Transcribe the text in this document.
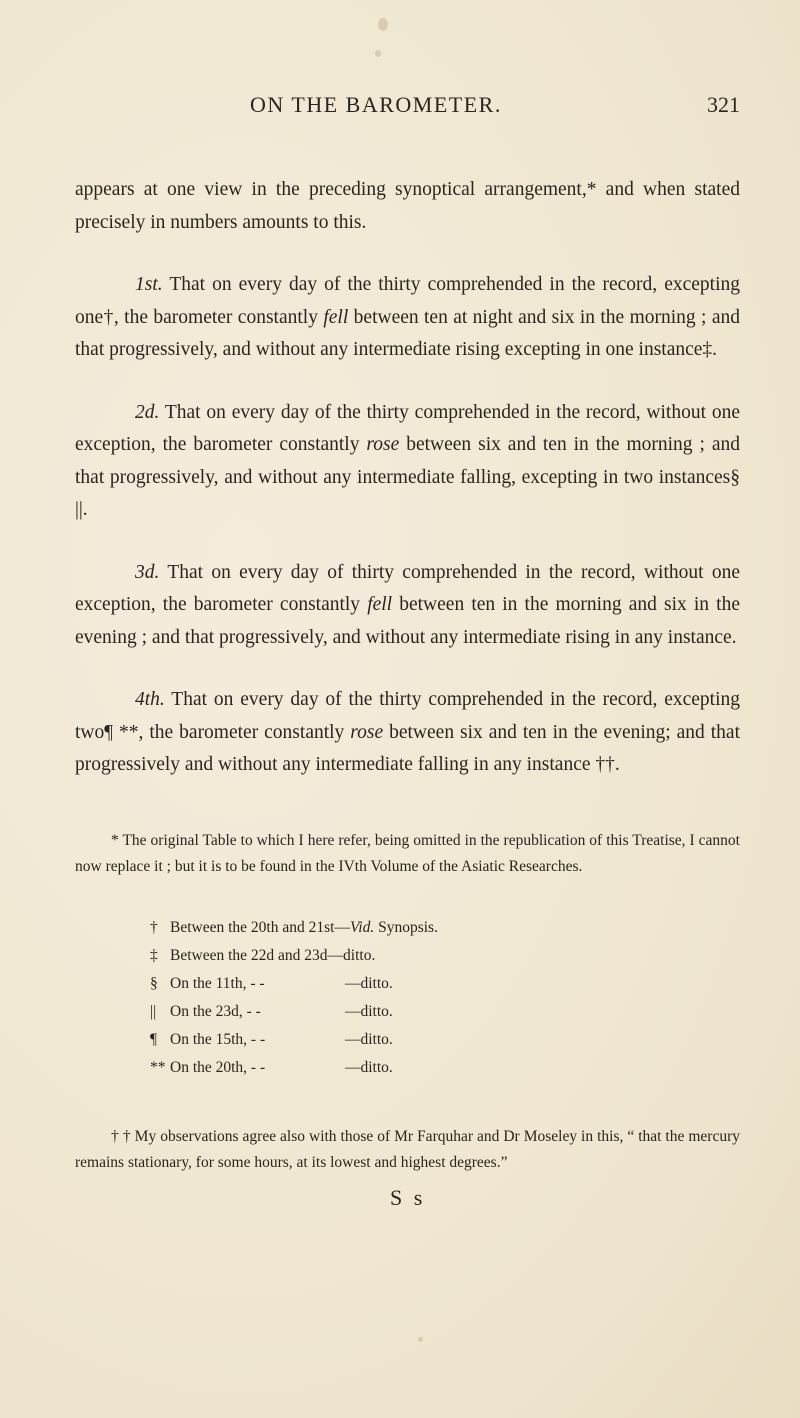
ON THE BAROMETER.	321

appears at one view in the preceding synoptical arrangement,* and when stated precisely in numbers amounts to this.

1st. That on every day of the thirty comprehended in the record, excepting one†, the barometer constantly fell between ten at night and six in the morning ; and that progressively, and without any intermediate rising excepting in one instance‡.

2d. That on every day of the thirty comprehended in the record, without one exception, the barometer constantly rose between six and ten in the morning ; and that progressively, and without any intermediate falling, excepting in two instances§ ||.

3d. That on every day of thirty comprehended in the record, without one exception, the barometer constantly fell between ten in the morning and six in the evening ; and that progressively, and without any intermediate rising in any instance.

4th. That on every day of the thirty comprehended in the record, excepting two¶ **, the barometer constantly rose between six and ten in the evening; and that progressively and without any intermediate falling in any instance ††.

* The original Table to which I here refer, being omitted in the republication of this Treatise, I cannot now replace it ; but it is to be found in the IVth Volume of the Asiatic Researches.
† Between the 20th and 21st —Vid. Synopsis.
‡ Between the 22d and 23d —ditto.
§ On the 11th, - -	—ditto.
|| On the 23d, - -	—ditto.
¶ On the 15th, - -	—ditto.
** On the 20th, - -	—ditto.
† † My observations agree also with those of Mr Farquhar and Dr Moseley in this, “ that the mercury remains stationary, for some hours, at its lowest and highest degrees.”
S s
